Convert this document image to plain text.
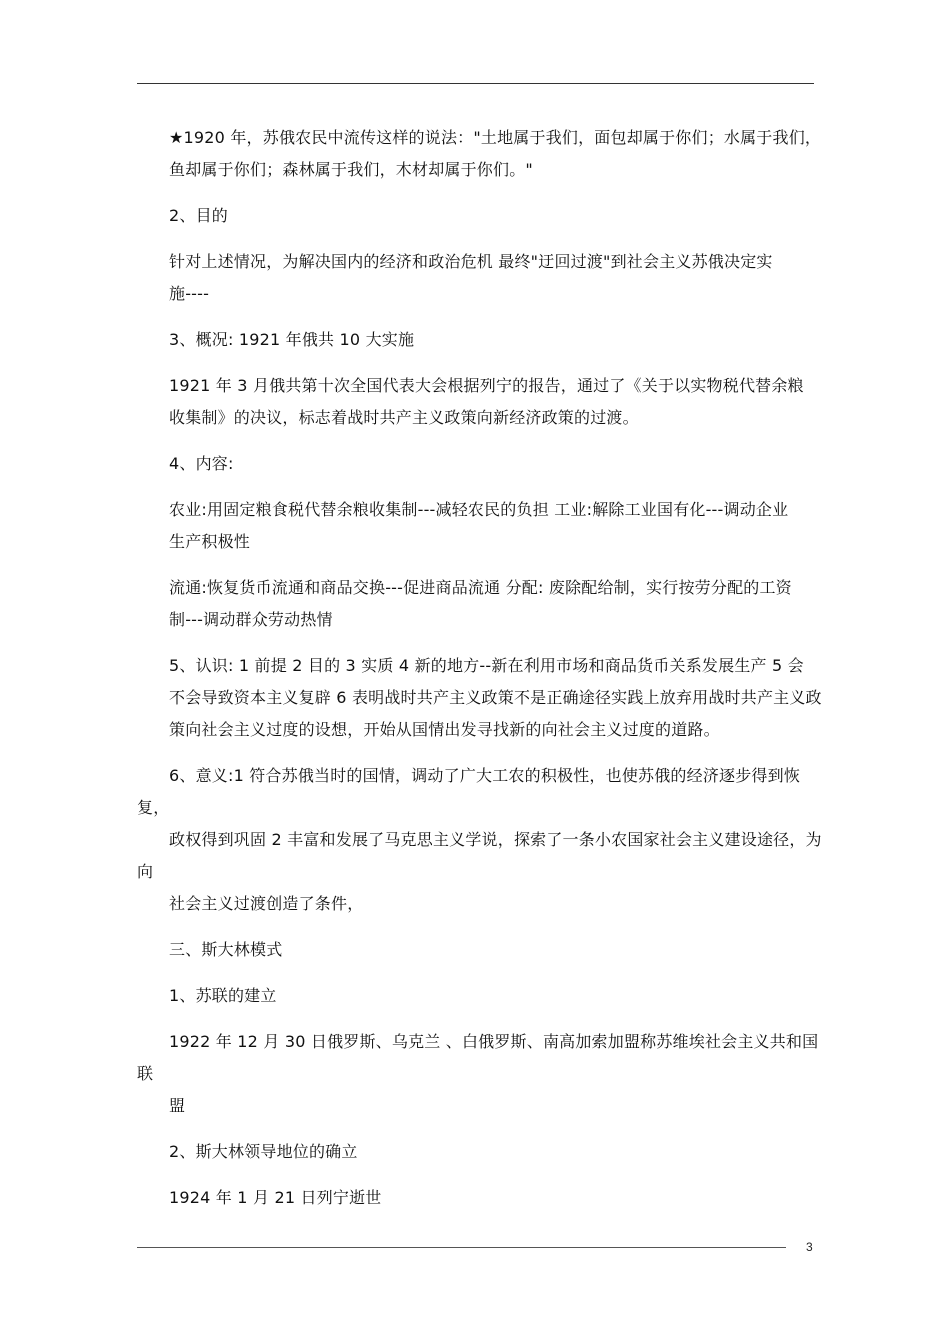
★1920 年，苏俄农民中流传这样的说法："土地属于我们，面包却属于你们；水属于我们，
鱼却属于你们；森林属于我们，木材却属于你们。"
2、目的
针对上述情况，为解决国内的经济和政治危机 最终"迂回过渡"到社会主义苏俄决定实
施----
3、概况: 1921 年俄共 10 大实施
1921 年 3 月俄共第十次全国代表大会根据列宁的报告，通过了《关于以实物税代替余粮
收集制》的决议，标志着战时共产主义政策向新经济政策的过渡。
4、内容:
农业:用固定粮食税代替余粮收集制---减轻农民的负担 工业:解除工业国有化---调动企业
生产积极性
流通:恢复货币流通和商品交换---促进商品流通 分配: 废除配给制，实行按劳分配的工资
制---调动群众劳动热情
5、认识: 1 前提 2 目的 3 实质 4 新的地方--新在利用市场和商品货币关系发展生产 5 会
不会导致资本主义复辟 6 表明战时共产主义政策不是正确途径实践上放弃用战时共产主义政
策向社会主义过度的设想，开始从国情出发寻找新的向社会主义过度的道路。
6、意义:1 符合苏俄当时的国情，调动了广大工农的积极性，也使苏俄的经济逐步得到恢复，
政权得到巩固 2 丰富和发展了马克思主义学说，探索了一条小农国家社会主义建设途径，为向
社会主义过渡创造了条件，
三、斯大林模式
1、苏联的建立
1922 年 12 月 30 日俄罗斯、乌克兰 、白俄罗斯、南高加索加盟称苏维埃社会主义共和国联
盟
2、斯大林领导地位的确立
1924 年 1 月 21 日列宁逝世
3
